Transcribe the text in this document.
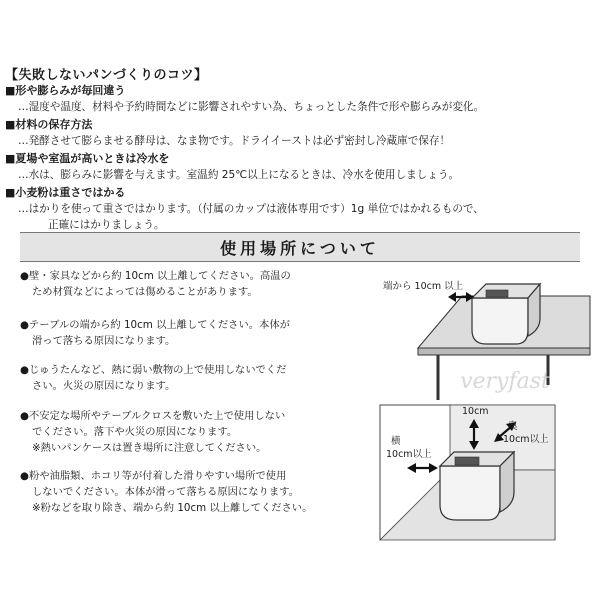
【失敗しないパンづくりのコツ】
■形や膨らみが毎回違う
…湿度や温度、材料や予約時間などに影響されやすい為、ちょっとした条件で形や膨らみが変化。
■材料の保存方法
…発酵させて膨らませる酵母は、なま物です。ドライイーストは必ず密封し冷蔵庫で保存！
■夏場や室温が高いときは冷水を
…水は、膨らみに影響を与えます。室温約 25℃以上になるときは、冷水を使用しましょう。
■小麦粉は重さではかる
…はかりを使って重さではかります。（付属のカップは液体専用です）1g 単位ではかれるもので、
正確にはかりましょう。
使用場所について
●壁・家具などから約 10cm 以上離してください。高温の
ため材質などによっては傷めることがあります。
●テーブルの端から約 10cm 以上離してください。本体が
滑って落ちる原因になります。
●じゅうたんなど、熱に弱い敷物の上で使用しないでくだ
さい。火災の原因になります。
●不安定な場所やテーブルクロスを敷いた上で使用しない
でください。落下や火災の原因になります。
※熱いパンケースは置き場所に注意してください。
●粉や油脂類、ホコリ等が付着した滑りやすい場所で使用
しないでください。本体が滑って落ちる原因になります。
※粉などを取り除き、端から約 10cm 以上離してください。
端から 10cm 以上
veryfast
10cm
横
10cm以上
奥
10cm以上
